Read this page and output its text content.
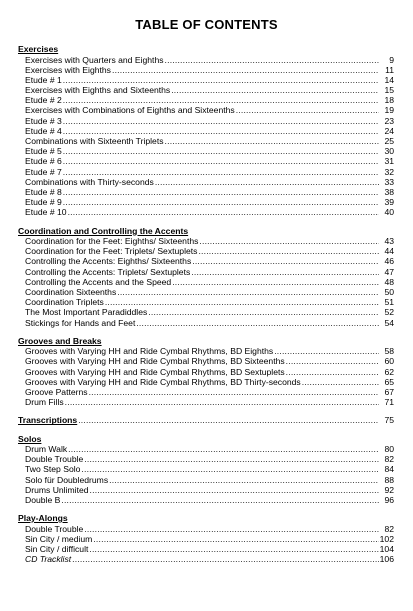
TABLE OF CONTENTS
Exercises
Exercises with Quarters and Eighths .....	9
Exercises with Eighths .....	11
Etude # 1 .....	14
Exercises with Eighths and Sixteenths .....	15
Etude # 2 .....	18
Exercises with Combinations of Eighths and Sixteenths .....	19
Etude # 3 .....	23
Etude # 4 .....	24
Combinations with Sixteenth Triplets .....	25
Etude # 5 .....	30
Etude # 6 .....	31
Etude # 7 .....	32
Combinations with Thirty-seconds .....	33
Etude # 8 .....	38
Etude # 9 .....	39
Etude # 10 .....	40
Coordination and Controlling the Accents
Coordination for the Feet: Eighths/ Sixteenths .....	43
Coordination for the Feet: Triplets/ Sextuplets .....	44
Controlling the Accents: Eighths/ Sixteenths .....	46
Controlling the Accents: Triplets/ Sextuplets .....	47
Controlling the Accents and the Speed .....	48
Coordination Sixteenths .....	50
Coordination Triplets .....	51
The Most Important Paradiddles .....	52
Stickings for Hands and Feet .....	54
Grooves and Breaks
Grooves with Varying HH and Ride Cymbal Rhythms, BD Eighths .....	58
Grooves with Varying HH and Ride Cymbal Rhythms, BD Sixteenths .....	60
Grooves with Varying HH and Ride Cymbal Rhythms, BD Sextuplets .....	62
Grooves with Varying HH and Ride Cymbal Rhythms, BD Thirty-seconds .....	65
Groove Patterns .....	67
Drum Fills .....	71
Transcriptions .....	75
Solos
Drum Walk .....	80
Double Trouble .....	82
Two Step Solo .....	84
Solo für Doubledrums .....	88
Drums Unlimited .....	92
Double B .....	96
Play-Alongs
Double Trouble .....	82
Sin City / medium .....	102
Sin City / difficult .....	104
CD Tracklist .....	106
